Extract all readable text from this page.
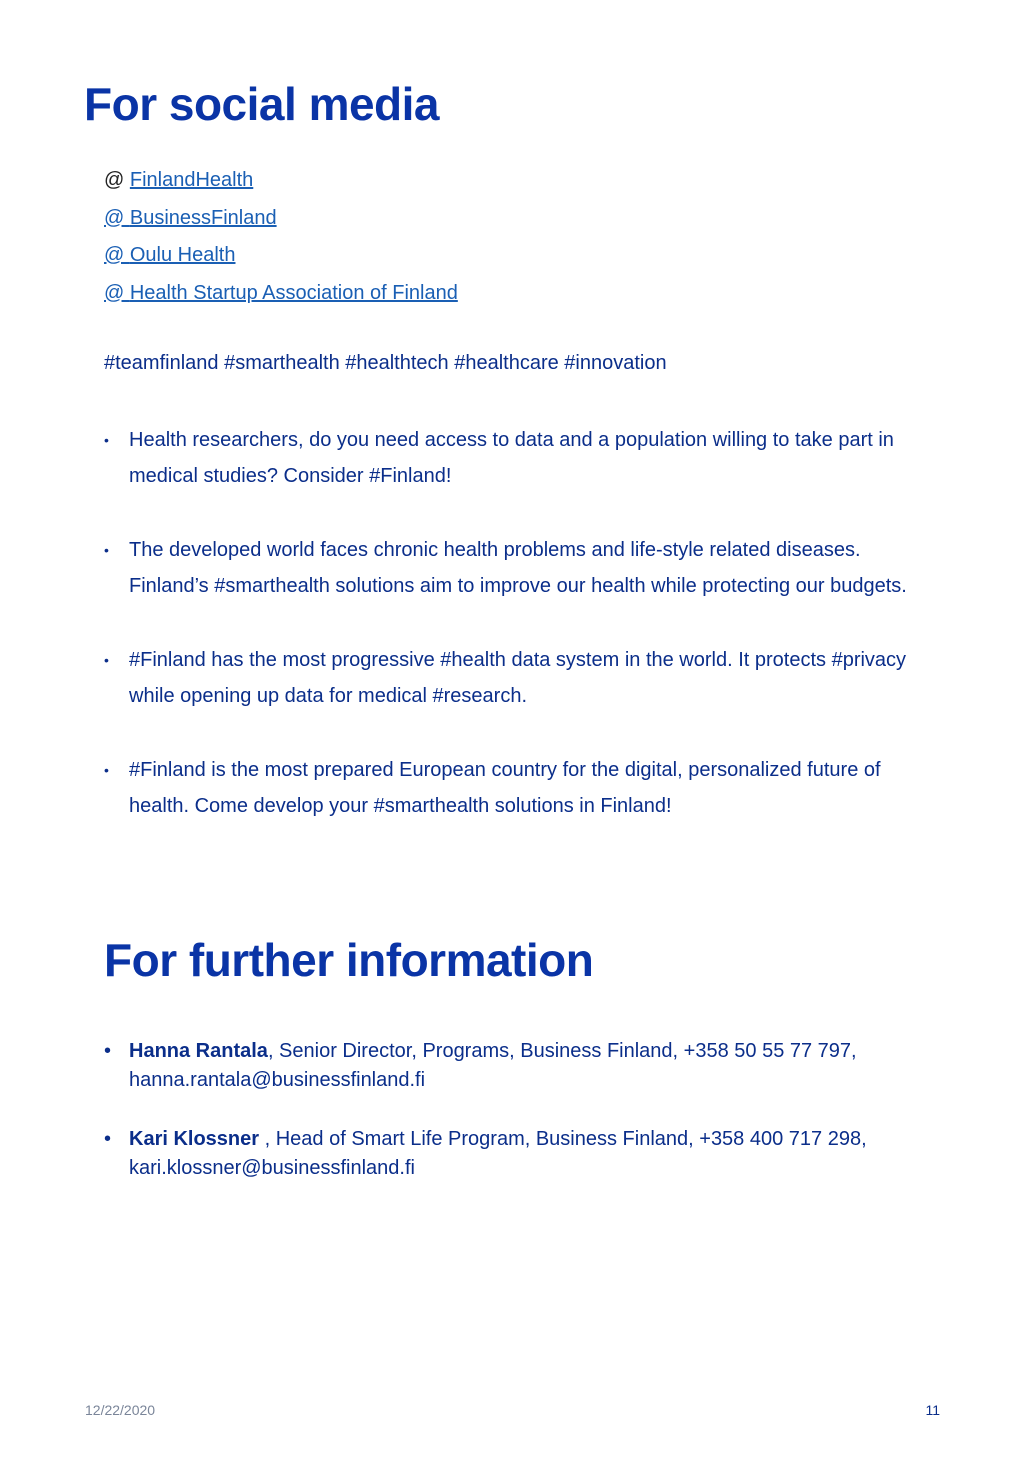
For social media
@ FinlandHealth
@ BusinessFinland
@ Oulu Health
@ Health Startup Association of Finland
#teamfinland #smarthealth #healthtech #healthcare #innovation
• Health researchers, do you need access to data and a population willing to take part in medical studies? Consider #Finland!
• The developed world faces chronic health problems and life-style related diseases. Finland’s #smarthealth solutions aim to improve our health while protecting our budgets.
• #Finland has the most progressive #health data system in the world. It protects #privacy while opening up data for medical #research.
• #Finland is the most prepared European country for the digital, personalized future of health. Come develop your #smarthealth solutions in Finland!
For further information
• Hanna Rantala, Senior Director, Programs, Business Finland, +358 50 55 77 797, hanna.rantala@businessfinland.fi
• Kari Klossner , Head of Smart Life Program, Business Finland, +358 400 717 298, kari.klossner@businessfinland.fi
12/22/2020	11
